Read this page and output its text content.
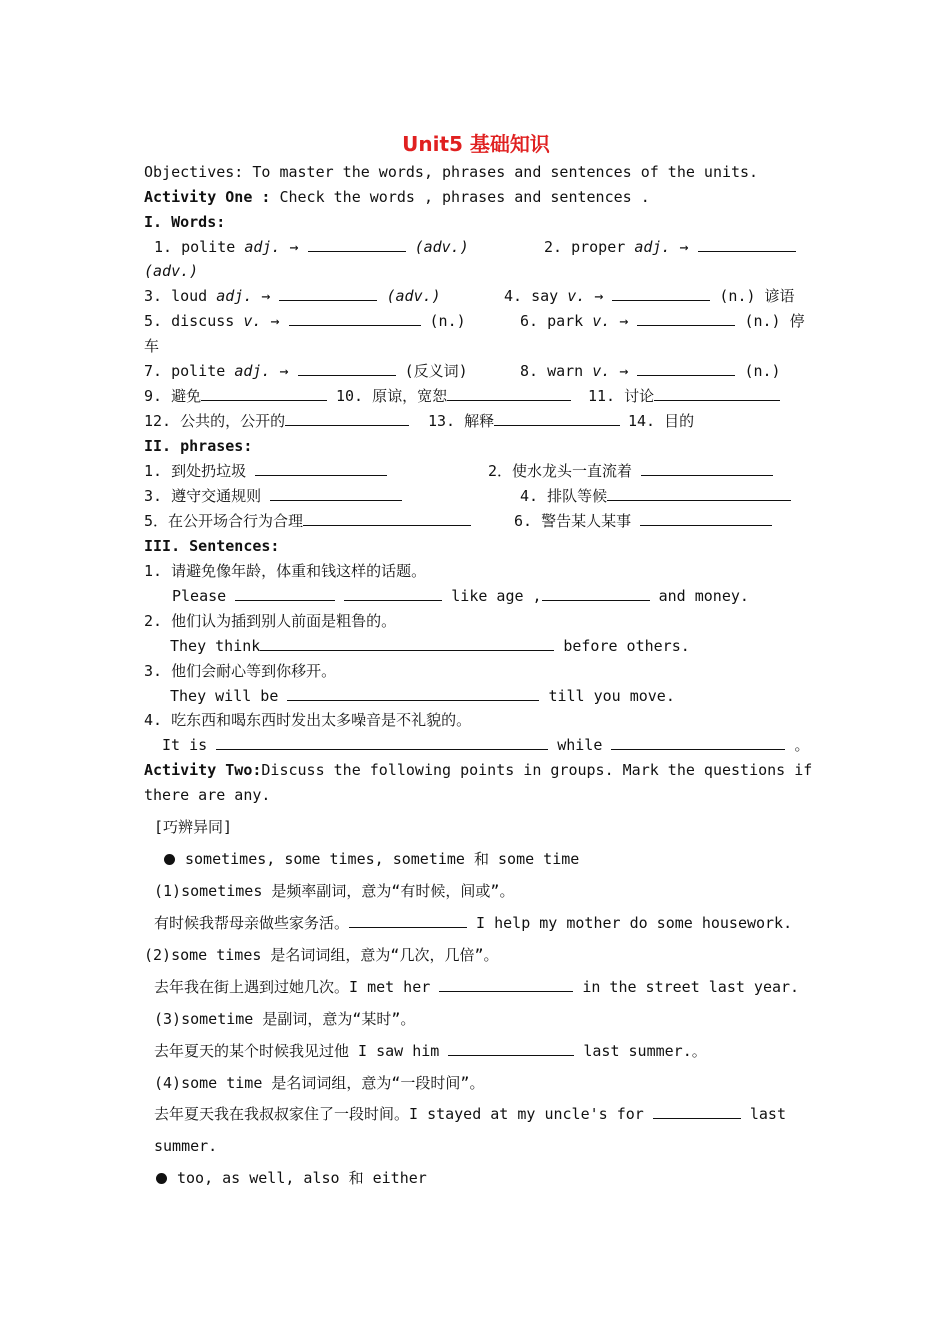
Unit5 基础知识
Objectives: To master the words, phrases and sentences of the units.
Activity One : Check the words , phrases and sentences .
I. Words:
1. polite adj. →	(adv.)	2. proper adj. →
(adv.)
3. loud adj. →	(adv.)	4. say v. →	(n.) 谚语
5. discuss v. →	(n.)	6. park v. →	(n.) 停
车
7. polite adj. →	(反义词)	8. warn v. →	(n.)
9. 避免	10. 原谅，宽恕	11. 讨论
12. 公共的，公开的	13. 解释	14. 目的
II. phrases:
1. 到处扔垃圾	2．使水龙头一直流着
3. 遵守交通规则	4. 排队等候
5．在公开场合行为合理	6. 警告某人某事
III. Sentences:
1. 请避免像年龄，体重和钱这样的话题。
Please	like age ,	and money.
2. 他们认为插到别人前面是粗鲁的。
They think	before others.
3. 他们会耐心等到你移开。
They will be	till you move.
4. 吃东西和喝东西时发出太多噪音是不礼貌的。
It is	while	。
Activity Two: Discuss the following points in groups. Mark the questions if
there are any.
[巧辨异同]
sometimes, some times, sometime 和 some time
(1)sometimes 是频率副词，意为“有时候，间或”。
有时候我帮母亲做些家务活。	I help my mother do some housework.
(2)some times 是名词词组，意为“几次，几倍”。
去年我在街上遇到过她几次。I met her	in the street last year.
(3)sometime 是副词，意为“某时”。
去年夏天的某个时候我见过他 I saw him	last summer.。
(4)some time 是名词词组，意为“一段时间”。
去年夏天我在我叔叔家住了一段时间。I stayed at my uncle's for	last
summer.
too, as well, also 和 either
